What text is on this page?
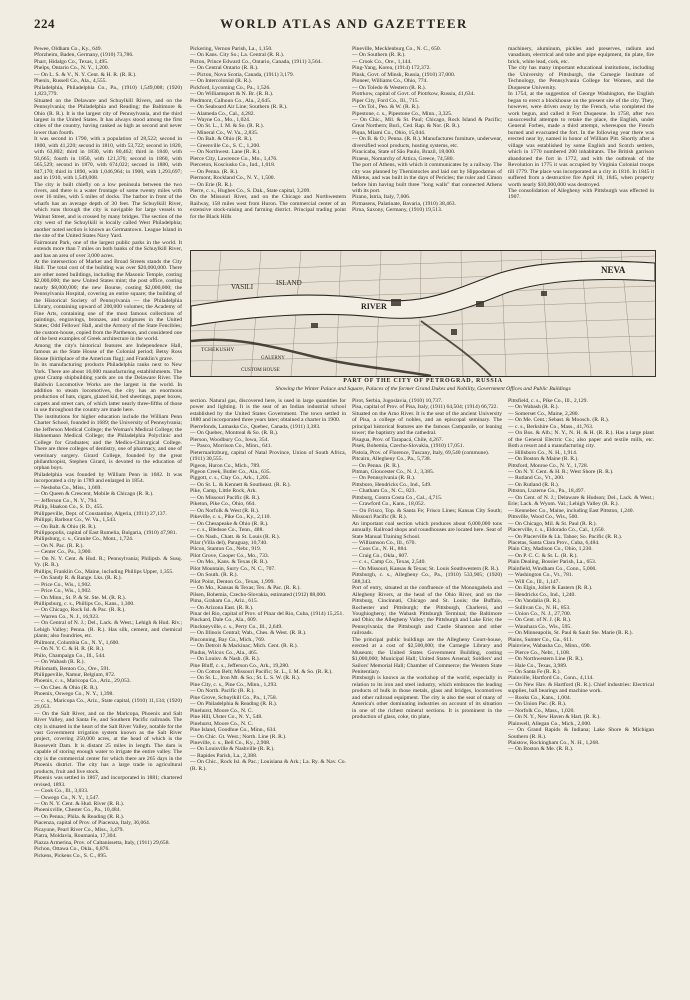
224	WORLD ATLAS AND GAZETTEER

Pewee, Oldham Co., Ky., 649.

Pforzheim, Baden, Germany, (1910) 73,786.

Pharr, Hidalgo Co., Texas, 1,495.

Phelps, Ontario Co., N. Y., 1,200.

— On L. S. & V., N. Y. Cent. & H. R. (R. R.).

Phenix, Russell Co., Ala., 4,555.

Philadelphia, Philadelphia Co., Pa., (1910) 1,549,008; (1920) 1,823,779.

Situated on the Delaware and Schuylkill Rivers, and on the Pennsylvania; the Philadelphia and Reading; the Baltimore & Ohio (R. R.). It is the largest city of Pennsylvania, and the third largest in the United States. It has always stood among the first cities of the country, having ranked as high as second and never lower than fourth.

It was second in 1790, with a population of 28,522; second in 1800, with 41,220; second in 1810, with 53,722; second in 1820, with 63,802; third in 1830, with 80,462; third in 1840, with 93,665; fourth in 1850, with 121,376; second in 1860, with 565,529; second in 1870, with 674,022; second in 1880, with 847,170; third in 1890, with 1,046,964; in 1900, with 1,293,697; and in 1910, with 1,549,008.

The city is built chiefly on a low peninsula between the two rivers, and there is a water frontage of some twenty miles with over 16 miles, with 5 miles of docks. The harbor in front of the wharfs has an average depth of 30 feet. The Schuylkill River, which runs through the city is navigable for large vessels to Walnut Street, and is crossed by many bridges. The section of the city west of the Schuylkill is locally called West Philadelphia; another noted section is known as Germantown. League Island in the site of the United States Navy Yard.

Fairmount Park, one of the largest public parks in the world. It extends more than 7 miles on both banks of the Schuylkill River, and has an area of over 3,000 acres.

At the intersection of Market and Broad Streets stands the City Hall. The total cost of the building was over $20,000,000. There are other noted buildings, including the Masonic Temple, costing $2,000,000; the new United States mint; the post office, costing nearly $8,000,000; the new Bourse, costing $2,000,000; the Pennsylvania Hospital, covering an entire square; the building of the Historical Society of Pennsylvania — the Philadelphia Library, containing upward of 200,000 volumes; the Academy of Fine Arts, containing one of the most famous collections of paintings, engravings, bronzes, and sculptures in the United States; Odd Fellows' Hall, and the Armory of the State Fencibles; the custom-house, copied from the Parthenon, and considered one of the best examples of Greek architecture in the world.

Among the city's historical features are Independence Hall, famous as the State House of the Colonial period; Betsy Ross House (birthplace of the American flag); and Franklin's grave.

In its manufacturing products Philadelphia ranks next to New York. There are about 16,000 manufacturing establishments. The great Cramp shipbuilding yards are on the Delaware River. The Baldwin Locomotive Works are the largest in the world. In addition to steam locomotives, the city has an enormous production of hats, cigars, glazed kid, bed sheetings, paper boxes, carpets and street cars, of which latter nearly three-fifths of those in use throughout the country are made here.

The institutions for higher education include the William Penn Charter School, founded in 1689; the University of Pennsylvania; the Jefferson Medical College; the Woman's Medical College; the Hahnemann Medical College; the Philadelphia Polyclinic and College for Graduates; and the Medico-Chirurgical College. There are three colleges of dentistry, one of pharmacy, and one of veterinary surgery. Girard College, founded by the great philanthropist, Stephen Girard, is devoted to the education of orphan boys.

Philadelphia was founded by William Penn in 1682. It was incorporated a city in 1789 and enlarged in 1854.

— Neshoba Co., Miss., 1,669.

— On Queen & Crescent, Mobile & Chicago (R. R.).

— Jefferson Co., N. Y., 794.

Philip, Haakon Co., S. D., 455.

Philippeville, Dept. of Constantine, Algeria, (1911) 27,137.

Philippi, Barbour Co., W. Va., 1,543.

— On Balt. & Ohio (R. R.).

Philippopolis, capital of East Rumelia, Bulgaria, (1910) 47,981.

Philipsburg, c. s., Granite Co., Mont., 1,724.

— On N. Pac. (R. R.).

— Center Co., Pa., 3,900.

— On N. Y. Cent. & Hud. R.; Pennsylvania; Philipsb. & Susq. Vy. (R. R.).

Phillips, Franklin Co., Maine, including Phillips Upper, 1,355.

— On Sandy R. & Range. Lks. (R. R.).

— Price Co., Wis., 1,902.

— Price Co., Wis., 1,902.

— On Minn., St. P. & St. Ste. M. (R. R.).

Phillipsburg, c. s., Phillips Co., Kans., 1,300.

— On Chicago, Rock Isl. & Pac. (R. R.).

— Warren Co., N. J., 16,923.

— On Central of N. J.; Del., Lack. & West.; Lehigh & Hud. Riv.; Lehigh Valley; Penna. (R. R.). Has silk, cement, and chemical plants; also foundries, etc.

Philmont, Columbia Co., N. Y., 1,600.

— On N. Y. C. & H. R. (R. R.).

Philo, Champaign Co., Ill., 544.

— On Wabash (R. R.).

Philomath, Benton Co., Ore., 591.

Philippeville, Namur, Belgium, 872.

Phoenix, c. s., Maricopa Co., Ariz., 29,053.

— On Ches. & Ohio (R. R.).

Phoenix, Oswego Co., N. Y., 1,398.

— c. s., Maricopa Co., Ariz., State capital, (1910) 11,134; (1920) 29,053.

— On the Salt River, and on the Maricopa, Phoenix and Salt River Valley, and Santa Fe, and Southern Pacific railroads. The city is situated in the heart of the Salt River Valley, notable for the vast Government irrigation system known as the Salt River project, covering 250,000 acres, at the head of which is the Roosevelt Dam. It is distant 25 miles in length. The dam is capable of storing enough water to irrigate the entire valley. The city is the commercial center for which there are 265 days in the Phoenix district. The city has a large trade in agricultural products, fruit and live stock.

Phoenix was settled in 1867, and incorporated in 1881; chartered revised, 1893.

— Cook Co., Ill., 3,033.

— Oswego Co., N. Y., 1,547.

— On N. Y. Cent. & Hud. River (R. R.).

Phoenixville, Chester Co., Pa., 10,484.

— On Penna.; Phila. & Reading (R. R.).

Piacenza, capital of Prov. of Piacenza, Italy, 36,064.

Picayune, Pearl River Co., Miss., 3,479.

Piatra, Moldavia, Roumania, 17,304.

Piazza Armerina, Prov. of Caltanissetta, Italy, (1911) 29,658.

Pichon, Ottawa Co., Okla., 6,876.

Pickens, Pickens Co., S. C., 895.

Pickering, Vernon Parish, La., 1,150.

— On Kans. City So.; La. Central (R. R.).

Picton, Prince Edward Co., Ontario, Canada, (1911) 3,564.

— On Central Ontario (R. R.).

— Picton, Nova Scotia, Canada, (1911) 3,179.

— On Intercolonial (R. R.).

Pickford, Lycoming Co., Pa., 1,526.

— On Williamsport & N. Br. (R. R.).

Piedmont, Calhoun Co., Ala., 2,645.

— On Seaboard Air Line; Southern (R. R.).

— Alameda Co., Cal., 4,282.

— Wayne Co., Mo., 1,024.

— On St. L., I. M. & So. (R. R.).

— Mineral Co., W. Va., 2,835.

— On Balt. & Ohio (R. R.).

— Greenville Co., S. C., 1,200.

— On Northwest. Lane (R. R.).

Pierce City, Lawrence Co., Mo., 1,476.

Pierceton, Kosciusko Co., Ind., 1,018.

— On Penna. (R. R.).

Piermont, Rockland Co., N. Y., 1,500.

— On Erie (R. R.).

Pierre, c. s., Hughes Co., S. Dak., State capital, 3,209.

On the Missouri River, and on the Chicago and Northwestern Railway, 158 miles west from Huron. The commercial center of an extensive stock-raising and farming district. Principal trading point for the Black Hills

Pineville, Mecklenburg Co., N. C., 650.

— On Southern (R. R.).

— Crook Co., Ore., 1,144.

Ping-Yang, Korea, (1914) 172,372.

Pinsk, Govt. of Minsk, Russia, (1910) 37,000.

Pioneer, Williams Co., Ohio, 774.

— On Toledo & Western (R. R.).

Piotrkow, capital of Govt. of Piotrkow, Russia, 41,634.

Piper City, Ford Co., Ill., 715.

— On Tol., Peo. & W. (R. R.).

Pipestone, c. s., Pipestone Co., Minn., 3,325.

— On Chic., Mil. & St. Paul; Chicago, Rock Island & Pacific; Great Northern; Burl., Ced. Rap. & Nor. (R. R.).

Piqua, Miami Co., Ohio, 15,044.

— On B. & O.; Penna. (R. R.). Manufactures furniture, underwear, diversified wool products, hosting systems, etc.

Piracicaba, State of São Paulo, Brazil, 18,000.

Piraeus, Nomarchy of Attica, Greece, 74,580.

The port of Athens, with which it communicates by a railway. The city was planned by Themistocles and laid out by Hippodamus of Miletus, and was built in the days of Pericles; the ruler and Cimon before him having built three "long walls" that connected Athens with its port.

Pirano, Istria, Italy, 7,006.

Pirmasens, Palatinate, Bavaria, (1910) 38,463.

Pirna, Saxony, Germany, (1910) 19,513.

machinery, aluminum, pickles and preserves, radium and vanadium, electrical and tube and pipe equipment, tin plate, fire brick, white lead, cork, etc.

The city has many important educational institutions, including the University of Pittsburgh, the Carnegie Institute of Technology, the Pennsylvania College for Women, and the Duquesne University.

In 1754, at the suggestion of George Washington, the English began to erect a blockhouse on the present site of the city. They, however, were driven away by the French, who completed the work begun, and called it Fort Duquesne. In 1758, after two unsuccessful attempts to retake the place, the English, under General Forbes, made a third attempt, whereupon the French burned and evacuated the fort. In the following year there was erected near by, named in honor of William Pitt. Shortly after a village was established by some English and Scotch settlers, which in 1770 numbered 200 inhabitants. The British garrison abandoned the fort in 1772, and with the outbreak of the Revolution in 1775 it was occupied by Virginia Colonial troops till 1779. The place was incorporated as a city in 1816. In 1845 it suffered from a destructive fire April 10, 1845, when property worth nearly $10,000,000 was destroyed.

The consolidation of Allegheny with Pittsburgh was effected in 1907.

NEVA
RIVER
VASILI	ISLAND
TCHEKUSHY
GALERNY
CUSTOM HOUSE
PART OF THE CITY OF PETROGRAD, RUSSIA
Showing the Winter Palace and Square, Palaces of the former Grand Dukes and Nobility, Government Offices and Public Buildings

section. Natural gas, discovered here, is used in large quantities for power and lighting. It is the seat of an Indian industrial school established by the United States Government. The town settled in 1880 and incorporated three years later; obtained a charter in 1900.

Pierrefonds, Lamaska Co., Quebec, Canada, (1911) 3,383.

— On Quebec, Montreal & So. (R. R.).

Pierson, Woodbury Co., Iowa, 354.

— Pasco, Morrison Co., Minn., 641.

Pietermaritzburg, capital of Natal Province, Union of South Africa, (1911) 30,555.

Pigeon, Huron Co., Mich., 789.

Pigeon Creek, Butler Co., Ala., 635.

Piggott, c. s., Clay Co., Ark., 1,205.

— On St. L. & Kennett & Southeast. (R. R.).

Pike, Camp, Little Rock, Ark.

— On Missouri Pacific (R. R.).

Piketon, Pike Co., Ohio, 664.

— On Norfolk & West (R. R.).

Pikeville, c. s., Pike Co., Ky., 2,110.

— On Chesapeake & Ohio (R. R.).

— c. s., Bledsoe Co., Tenn., 488.

— On Nash., Chatt. & St. Louis (R. R.).

Pilar (Villa del), Paraguay, 10,740.

Pilcon, Stanton Co., Nebr., 919.

Pilot Grove, Cooper Co., Mo., 733.

— On Mo., Kans. & Texas (R. R.).

Pilot Mountain, Surry Co., N. C., 707.

— On South. (R. R.).

Pilot Point, Denton Co., Texas, 1,999.

— On Mo., Kansas & Texas; Tex. & Pac. (R. R.).

Pilsen, Bohemia, Czecho-Slovakia, estimated (1912) 88,000.

Pima, Graham Co., Ariz., 615.

— On Arizona East. (R. R.).

Pinar del Rio, capital of Prov. of Pinar del Rio, Cuba, (1914) 15,251.

Pinckard, Dale Co., Ala., 609.

Pinckneyville, c. s., Perry Co., Ill., 2,649.

— On Illinois Central; Wab., Ches. & West. (R. R.).

Pinconning, Bay Co., Mich., 769.

— On Detroit & Mackinac; Mich. Cent. (R. R.).

Pindus, Wilcox Co., Ala., 465.

— On Louisv. & Nash. (R. R.).

Pine Bluff, c. s., Jefferson Co., Ark., 19,280.

— On Cotton Belt; Missouri Pacific; St. L., I. M. & So. (R. R.).

— On St. L., Iron Mt. & So.; St. L. S. W. (R. R.).

Pine City, c. s., Pine Co., Minn., 1,293.

— On North. Pacific (R. R.).

Pine Grove, Schuylkill Co., Pa., 1,758.

— On Philadelphia & Reading (R. R.).

Pinehurst, Moore Co., N. C.

Pine Hill, Ulster Co., N. Y., 548.

Pinehurst, Moore Co., N. C.

Pine Island, Goodhue Co., Minn., 634.

— On Chic. Gt. West.; North. Line (R. R.).

Pineville, c. s., Bell Co., Ky., 2,908.

— On Louisville & Nashville (R. R.).

— Rapides Parish, La., 2,388.

— On Chic., Rock Isl. & Pac.; Louisiana & Ark.; La. Ry. & Nav. Co. (R. R.).

Pirot, Serbia, Jugoslavia, (1910) 10,737.

Pisa, capital of Prov. of Pisa, Italy, (1911) 64,504; (1914) 66,722.

Situated on the Arno River. It is the seat of the ancient University of Pisa, a college of nobles, and an episcopal seminary. The principal historical features are the famous Campanile, or leaning tower; the baptistry and the cathedral.

Pisagua, Prov. of Tarapacá, Chile, 4,267.

Pisek, Bohemia, Czecho-Slovakia, (1910) 17,051.

Pistoia, Prov. of Florence, Tuscany, Italy, 69,540 (commune).

Pitcairn, Allegheny Co., Pa., 5,738.

— On Penna. (R. R.).

Pitman, Gloucester Co., N. J., 3,385.

— On Pennsylvania (R. R.).

Pittsboro, Hendricks Co., Ind., 549.

— Chatham Co., N. C., 823.

Pittsburg, Contra Costa Co., Cal., 4,715.

— Crawford Co., Kans., 18,052.

— On Frisco, Top. & Santa Fe; Frisco Lines; Kansas City South; Missouri Pacific (R. R.).

An important coal section which produces about 6,000,000 tons annually. Railroad shops and roundhouses are located here. Seat of State Manual Training School.

— Williamson Co., Ill., 670.

— Coos Co., N. H., 884.

— Craig Co., Okla., 807.

— c. s., Camp Co., Texas, 2,540.

— On Missouri, Kansas & Texas; St. Louis Southwestern (R. R.).

Pittsburgh, c. s., Allegheny Co., Pa., (1910) 533,905; (1920) 588,343.

Port of entry, situated at the confluence of the Monongahela and Allegheny Rivers, at the head of the Ohio River, and on the Pittsburg, Cincinnati, Chicago and St. Louis; the Buffalo, Rochester and Pittsburgh; the Pittsburgh, Charleroi, and Youghiogheny; the Wabash Pittsburgh Terminal; the Baltimore and Ohio; the Allegheny Valley; the Pittsburgh and Lake Erie; the Pennsylvania; the Pittsburgh and Castle Shannon and other railroads.

The principal public buildings are the Allegheny Court-house, erected at a cost of $2,500,000; the Carnegie Library and Museum; the United States Government Building, costing $1,000,000; Municipal Hall; United States Arsenal; Soldiers' and Sailors' Memorial Hall; Chamber of Commerce; the Western State Penitentiary.

Pittsburgh is known as the workshop of the world, especially in relation to its iron and steel industry, which embraces the leading products of bulk in those metals, glass and bridges, locomotives and other railroad equipment. The city is also the seat of many of America's other dominating industries on account of its situation in one of the richest mineral sections. It is prominent in the production of glass, coke, tin plate,

Pittsfield, c. s., Pike Co., Ill., 2,129.

— On Wabash (R. R.).

— Somerset Co., Maine, 2,280.

— On Me. Cent.; Sebast. & Moosch. (R. R.).

— c. s., Berkshire Co., Mass., 41,763.

— On Bos. & Alb.; N. Y., N. H. & H. (R. R.). Has a large plant of the General Electric Co.; also paper and textile mills, etc. Both a resort and a manufacturing city.

— Hillsboro Co., N. H., 1,914.

— On Boston & Maine (R. R.).

Pittsford, Monroe Co., N. Y., 1,728.

— On N. Y. Cent. & H. R.; West Shore (R. R.).

— Rutland Co., Vt., 200.

— On Rutland (R. R.).

Pittston, Luzerne Co., Pa., 18,497.

— On Cent. of N. J.; Delaware & Hudson; Del., Lack. & West.; Erie; Lack. & Wyom. Val.; Lehigh Valley (R. R.).

— Kennebec Co., Maine, including East Pittston, 1,240.

Pittsville, Wood Co., Wis., 500.

— On Chicago, Mil. & St. Paul (R. R.).

Placerville, c. s., Eldorado Co., Cal., 1,650.

— On Placerville & Lk. Tahoe; So. Pacific (R. R.).

Placetas, Santa Clara Prov., Cuba, 6,484.

Plain City, Madison Co., Ohio, 1,230.

— On P. C. C. & St. L. (R. R.).

Plain Dealing, Bossier Parish, La., 653.

Plainfield, Windham Co., Conn., 5,000.

— Washington Co., Vt., 781.

— Will Co., Ill., 1,147.

— On Elgin, Joliet & Eastern (R. R.).

— Hendricks Co., Ind., 1,240.

— On Vandalia (R. R.).

— Sullivan Co., N. H., 853.

— Union Co., N. J., 27,700.

— On Cent. of N. J. (R. R.).

— Waushara Co., Wis., 595.

— On Minneapolis, St. Paul & Sault Ste. Marie (R. R.).

Plains, Sumter Co., Ga., 611.

Plainview, Wabasha Co., Minn., 690.

— Pierce Co., Nebr., 1,108.

— On Northwestern Line (R. R.).

— Hale Co., Texas, 3,989.

— On Santa Fe (R. R.).

Plainville, Hartford Co., Conn., 4,114.

— On New Hav. & Hartford (R. R.). Chief industries: Electrical supplies, ball bearings and machine work.

— Rooks Co., Kans., 1,004.

— On Union Pac. (R. R.).

— Norfolk Co., Mass., 1,020.

— On N. Y., New Haven & Hart. (R. R.).

Plainwell, Allegan Co., Mich., 2,000.

— On Grand Rapids & Indiana; Lake Shore & Michigan Southern (R. R.).

Plaistow, Rockingham Co., N. H., 1,268.

— On Boston & Me. (R. R.).
